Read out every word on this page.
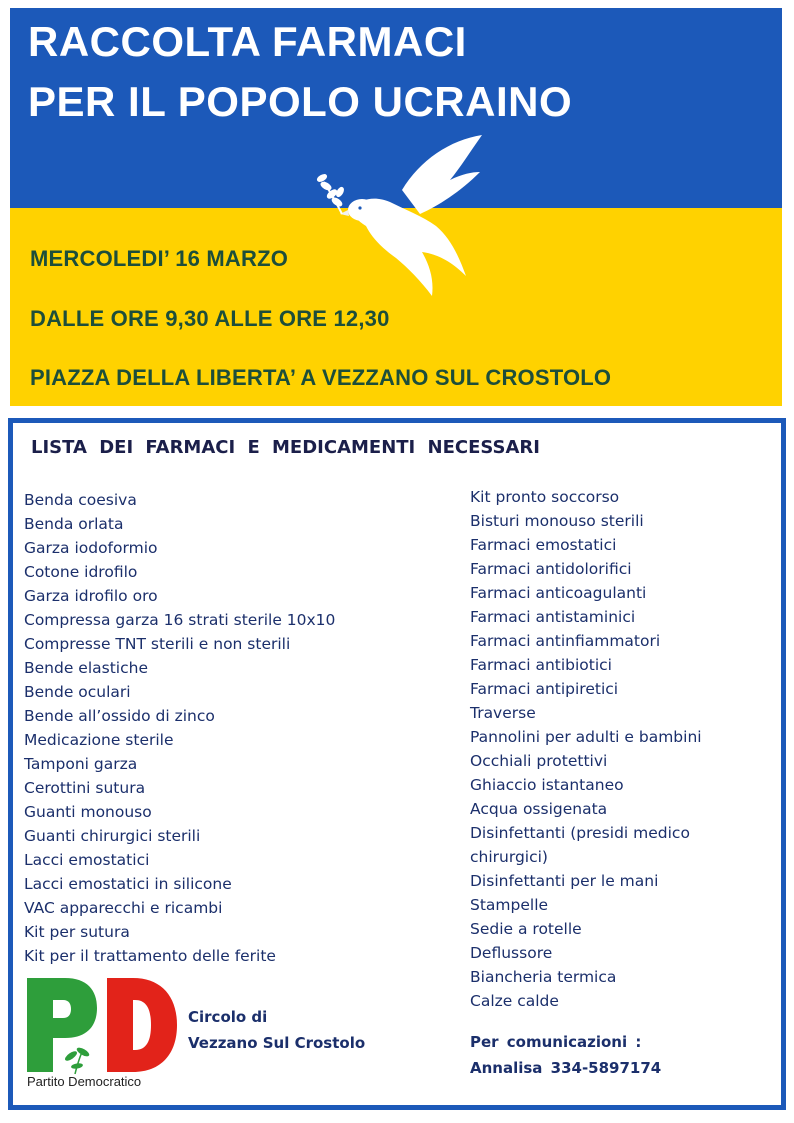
RACCOLTA FARMACI
PER IL POPOLO UCRAINO
MERCOLEDI’ 16 MARZO
DALLE ORE 9,30 ALLE ORE 12,30
PIAZZA DELLA LIBERTA’ A VEZZANO SUL CROSTOLO
LISTA DEI FARMACI E MEDICAMENTI NECESSARI
Benda coesiva
Benda orlata
Garza iodoformio
Cotone idrofilo
Garza idrofilo oro
Compressa garza 16 strati sterile 10x10
Compresse TNT sterili e non sterili
Bende elastiche
Bende oculari
Bende all’ossido di zinco
Medicazione sterile
Tamponi garza
Cerottini sutura
Guanti monouso
Guanti chirurgici sterili
Lacci emostatici
Lacci emostatici in silicone
VAC apparecchi e ricambi
Kit per sutura
Kit per il trattamento delle ferite
Kit pronto soccorso
Bisturi monouso sterili
Farmaci emostatici
Farmaci antidolorifici
Farmaci anticoagulanti
Farmaci antistaminici
Farmaci antinfiammatori
Farmaci antibiotici
Farmaci antipiretici
Traverse
Pannolini per adulti e bambini
Occhiali protettivi
Ghiaccio istantaneo
Acqua ossigenata
Disinfettanti (presidi medico chirurgici)
Disinfettanti per le mani
Stampelle
Sedie a rotelle
Deflussore
Biancheria termica
Calze calde
Partito Democratico
Circolo di
Vezzano Sul Crostolo	Per comunicazioni :
Annalisa 334-5897174
